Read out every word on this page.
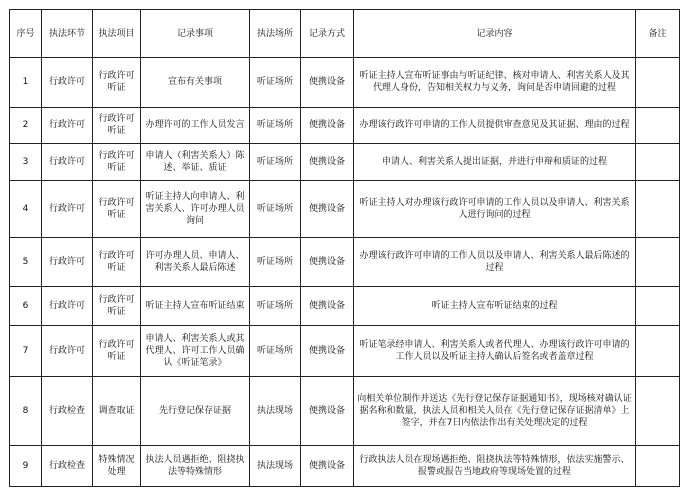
序号	执法环节	执法项目	记录事项	执法场所	记录方式	记录内容	备注
1	行政许可	行政许可听证	宣布有关事项	听证场所	便携设备	听证主持人宣布听证事由与听证纪律、核对申请人、利害关系人及其代理人身份，告知相关权力与义务，询问是否申请回避的过程	
2	行政许可	行政许可听证	办理许可的工作人员发言	听证场所	便携设备	办理该行政许可申请的工作人员提供审查意见及其证据、理由的过程	
3	行政许可	行政许可听证	申请人（利害关系人）陈述、举证、质证	听证场所	便携设备	申请人、利害关系人提出证据，并进行申辩和质证的过程	
4	行政许可	行政许可听证	听证主持人向申请人、利害关系人、许可办理人员询问	听证场所	便携设备	听证主持人对办理该行政许可申请的工作人员以及申请人、利害关系人进行询问的过程	
5	行政许可	行政许可听证	许可办理人员、申请人、利害关系人最后陈述	听证场所	便携设备	办理该行政许可申请的工作人员以及申请人、利害关系人最后陈述的过程	
6	行政许可	行政许可听证	听证主持人宣布听证结束	听证场所	便携设备	听证主持人宣布听证结束的过程	
7	行政许可	行政许可听证	申请人、利害关系人或其代理人、许可工作人员确认《听证笔录》	听证场所	便携设备	听证笔录经申请人、利害关系人或者代理人、办理该行政许可申请的工作人员以及听证主持人确认后签名或者盖章过程	
8	行政检查	调查取证	先行登记保存证据	执法现场	便携设备	向相关单位制作并送达《先行登记保存证据通知书》，现场核对确认证据名称和数量，执法人员和相关人员在《先行登记保存证据清单》上签字，并在7日内依法作出有关处理决定的过程	
9	行政检查	特殊情况处理	执法人员遇拒绝、阻挠执法等特殊情形	执法现场	便携设备	行政执法人员在现场遇拒绝、阻挠执法等特殊情形，依法实施警示、报警或报告当地政府等现场处置的过程	
